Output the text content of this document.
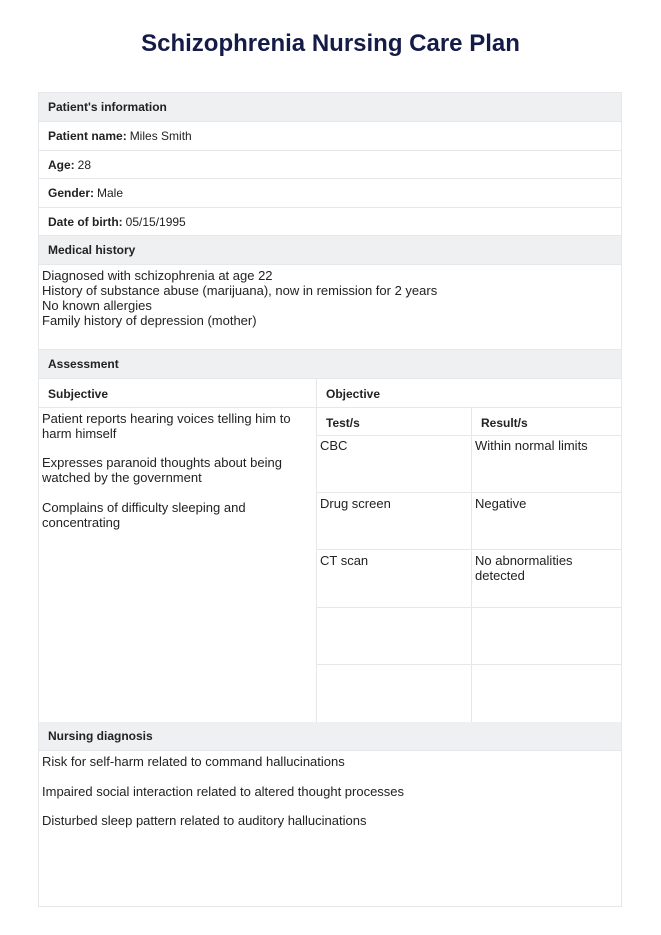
Schizophrenia Nursing Care Plan
Patient's information
Patient name: Miles Smith
Age: 28
Gender: Male
Date of birth: 05/15/1995
Medical history
Diagnosed with schizophrenia at age 22
History of substance abuse (marijuana), now in remission for 2 years
No known allergies
Family history of depression (mother)
Assessment
Subjective
Patient reports hearing voices telling him to harm himself
Expresses paranoid thoughts about being watched by the government
Complains of difficulty sleeping and concentrating
Objective
Test/s	Result/s
CBC	Within normal limits
Drug screen	Negative
CT scan	No abnormalities detected
Nursing diagnosis
Risk for self-harm related to command hallucinations
Impaired social interaction related to altered thought processes
Disturbed sleep pattern related to auditory hallucinations
